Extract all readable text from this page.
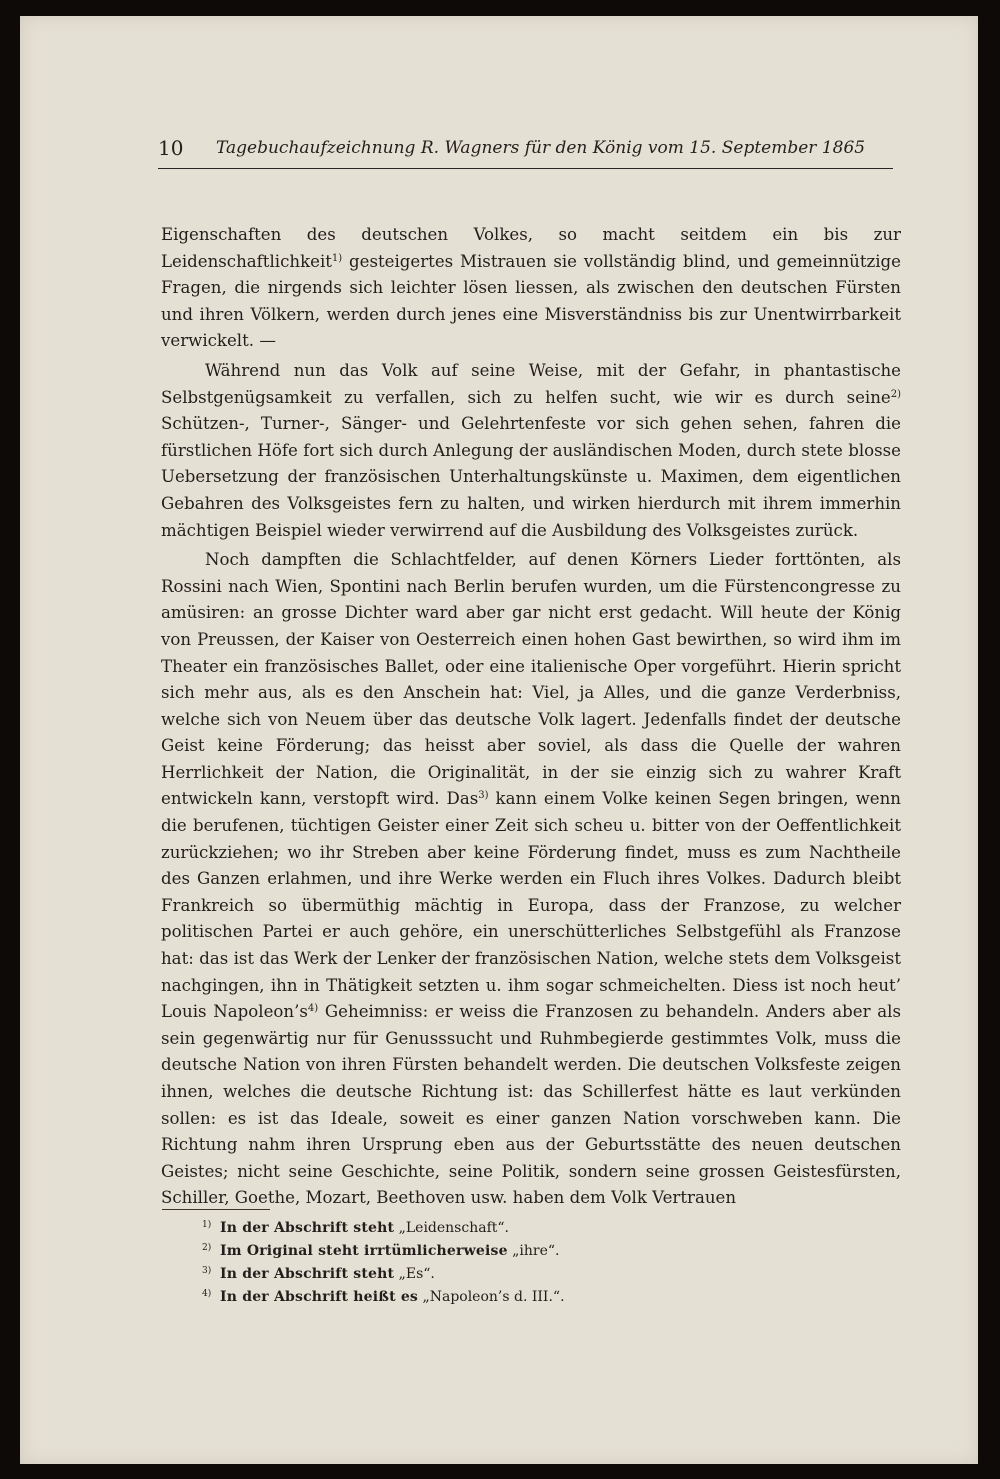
10 Tagebuchaufzeichnung R. Wagners für den König vom 15. September 1865

Eigenschaften des deutschen Volkes, so macht seitdem ein bis zur Leidenschaftlichkeit$^{1)}$ gesteigertes Mistrauen sie vollständig blind, und gemeinnützige Fragen, die nirgends sich leichter lösen liessen, als zwischen den deutschen Fürsten und ihren Völkern, werden durch jenes eine Misverständniss bis zur Unentwirrbarkeit verwickelt. —

Während nun das Volk auf seine Weise, mit der Gefahr, in phantastische Selbstgenügsamkeit zu verfallen, sich zu helfen sucht, wie wir es durch seine$^{2)}$ Schützen-, Turner-, Sänger- und Gelehrtenfeste vor sich gehen sehen, fahren die fürstlichen Höfe fort sich durch Anlegung der ausländischen Moden, durch stete blosse Uebersetzung der französischen Unterhaltungskünste u. Maximen, dem eigentlichen Gebahren des Volksgeistes fern zu halten, und wirken hierdurch mit ihrem immerhin mächtigen Beispiel wieder verwirrend auf die Ausbildung des Volksgeistes zurück.

Noch dampften die Schlachtfelder, auf denen Körners Lieder forttönten, als Rossini nach Wien, Spontini nach Berlin berufen wurden, um die Fürstencongresse zu amüsiren: an grosse Dichter ward aber gar nicht erst gedacht. Will heute der König von Preussen, der Kaiser von Oesterreich einen hohen Gast bewirthen, so wird ihm im Theater ein französisches Ballet, oder eine italienische Oper vorgeführt. Hierin spricht sich mehr aus, als es den Anschein hat: Viel, ja Alles, und die ganze Verderbniss, welche sich von Neuem über das deutsche Volk lagert. Jedenfalls findet der deutsche Geist keine Förderung; das heisst aber soviel, als dass die Quelle der wahren Herrlichkeit der Nation, die Originalität, in der sie einzig sich zu wahrer Kraft entwickeln kann, verstopft wird. Das$^{3)}$ kann einem Volke keinen Segen bringen, wenn die berufenen, tüchtigen Geister einer Zeit sich scheu u. bitter von der Oeffentlichkeit zurückziehen; wo ihr Streben aber keine Förderung findet, muss es zum Nachtheile des Ganzen erlahmen, und ihre Werke werden ein Fluch ihres Volkes. Dadurch bleibt Frankreich so übermüthig mächtig in Europa, dass der Franzose, zu welcher politischen Partei er auch gehöre, ein unerschütterliches Selbstgefühl als Franzose hat: das ist das Werk der Lenker der französischen Nation, welche stets dem Volksgeist nachgingen, ihn in Thätigkeit setzten u. ihm sogar schmeichelten. Diess ist noch heut’ Louis $Napoleon’s^{4)}$ Geheimniss: er weiss die Franzosen zu behandeln. Anders aber als sein gegenwärtig nur für Genusssucht und Ruhmbegierde gestimmtes Volk, muss die deutsche Nation von ihren Fürsten behandelt werden. Die deutschen Volksfeste zeigen ihnen, welches die deutsche Richtung ist: das Schillerfest hätte es laut verkünden sollen: es ist das Ideale, soweit es einer ganzen Nation vorschweben kann. Die Richtung nahm ihren Ursprung eben aus der Geburtsstätte des neuen deutschen Geistes; nicht seine Geschichte, seine Politik, sondern seine grossen Geistesfürsten, Schiller, Goethe, Mozart, Beethoven usw. haben dem Volk Vertrauen

$^{1)}$ In der Abschrift steht „Leidenschaft“.
$^{2)}$ Im Original steht irrtümlicherweise „ihre“.
$^{3)}$ In der Abschrift steht „Es“.
$^{4)}$ In der Abschrift heißt es „Napoleon’s d. III.“.
